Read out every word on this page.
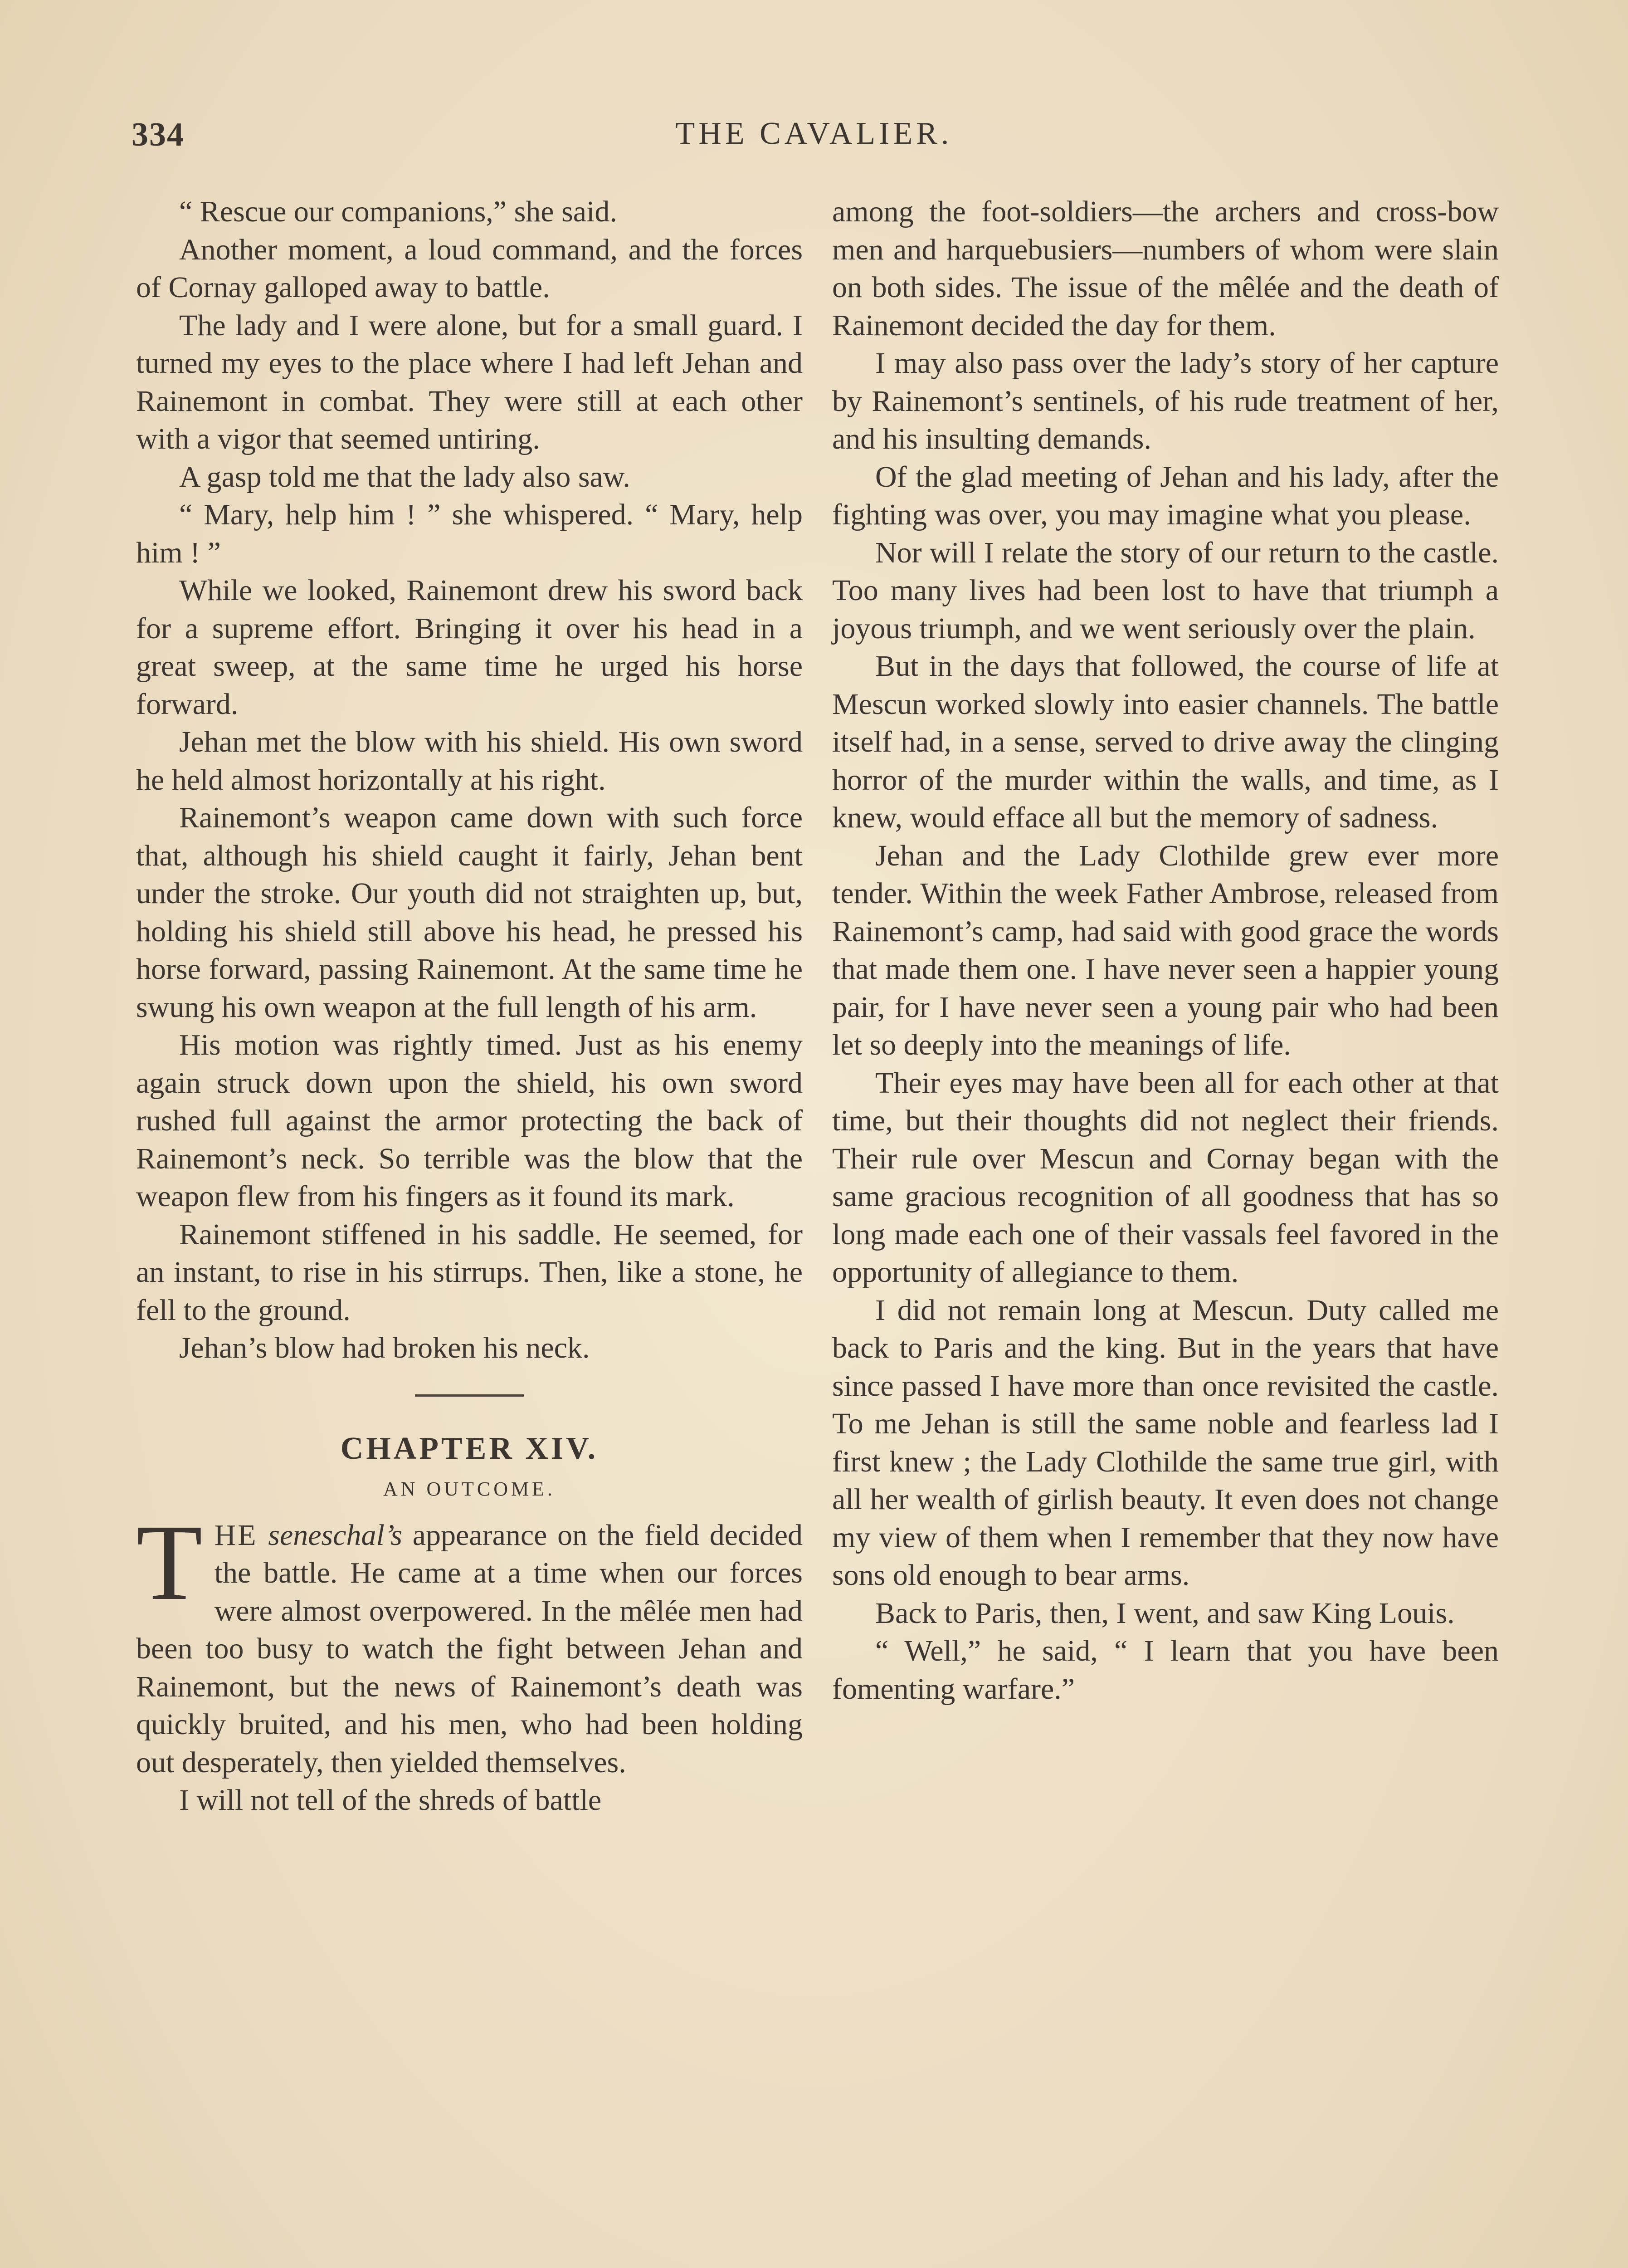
334	THE CAVALIER.

“ Rescue our companions,” she said.

Another moment, a loud command, and the forces of Cornay galloped away to battle.

The lady and I were alone, but for a small guard. I turned my eyes to the place where I had left Jehan and Rainemont in combat. They were still at each other with a vigor that seemed untiring.

A gasp told me that the lady also saw.

“ Mary, help him ! ” she whispered. “ Mary, help him ! ”

While we looked, Rainemont drew his sword back for a supreme effort. Bringing it over his head in a great sweep, at the same time he urged his horse forward.

Jehan met the blow with his shield. His own sword he held almost horizontally at his right.

Rainemont’s weapon came down with such force that, although his shield caught it fairly, Jehan bent under the stroke. Our youth did not straighten up, but, holding his shield still above his head, he pressed his horse forward, passing Rainemont. At the same time he swung his own weapon at the full length of his arm.

His motion was rightly timed. Just as his enemy again struck down upon the shield, his own sword rushed full against the armor protecting the back of Rainemont’s neck. So terrible was the blow that the weapon flew from his fingers as it found its mark.

Rainemont stiffened in his saddle. He seemed, for an instant, to rise in his stirrups. Then, like a stone, he fell to the ground.

Jehan’s blow had broken his neck.

CHAPTER XIV.
AN OUTCOME.

THE seneschal’s appearance on the field decided the battle. He came at a time when our forces were almost overpowered. In the mêlée men had been too busy to watch the fight between Jehan and Rainemont, but the news of Rainemont’s death was quickly bruited, and his men, who had been holding out desperately, then yielded themselves.

I will not tell of the shreds of battle

among the foot-soldiers—the archers and cross-bow men and harquebusiers—numbers of whom were slain on both sides. The issue of the mêlée and the death of Rainemont decided the day for them.

I may also pass over the lady’s story of her capture by Rainemont’s sentinels, of his rude treatment of her, and his insulting demands.

Of the glad meeting of Jehan and his lady, after the fighting was over, you may imagine what you please.

Nor will I relate the story of our return to the castle. Too many lives had been lost to have that triumph a joyous triumph, and we went seriously over the plain.

But in the days that followed, the course of life at Mescun worked slowly into easier channels. The battle itself had, in a sense, served to drive away the clinging horror of the murder within the walls, and time, as I knew, would efface all but the memory of sadness.

Jehan and the Lady Clothilde grew ever more tender. Within the week Father Ambrose, released from Rainemont’s camp, had said with good grace the words that made them one. I have never seen a happier young pair, for I have never seen a young pair who had been let so deeply into the meanings of life.

Their eyes may have been all for each other at that time, but their thoughts did not neglect their friends. Their rule over Mescun and Cornay began with the same gracious recognition of all goodness that has so long made each one of their vassals feel favored in the opportunity of allegiance to them.

I did not remain long at Mescun. Duty called me back to Paris and the king. But in the years that have since passed I have more than once revisited the castle. To me Jehan is still the same noble and fearless lad I first knew ; the Lady Clothilde the same true girl, with all her wealth of girlish beauty. It even does not change my view of them when I remember that they now have sons old enough to bear arms.

Back to Paris, then, I went, and saw King Louis.

“ Well,” he said, “ I learn that you have been fomenting warfare.”
